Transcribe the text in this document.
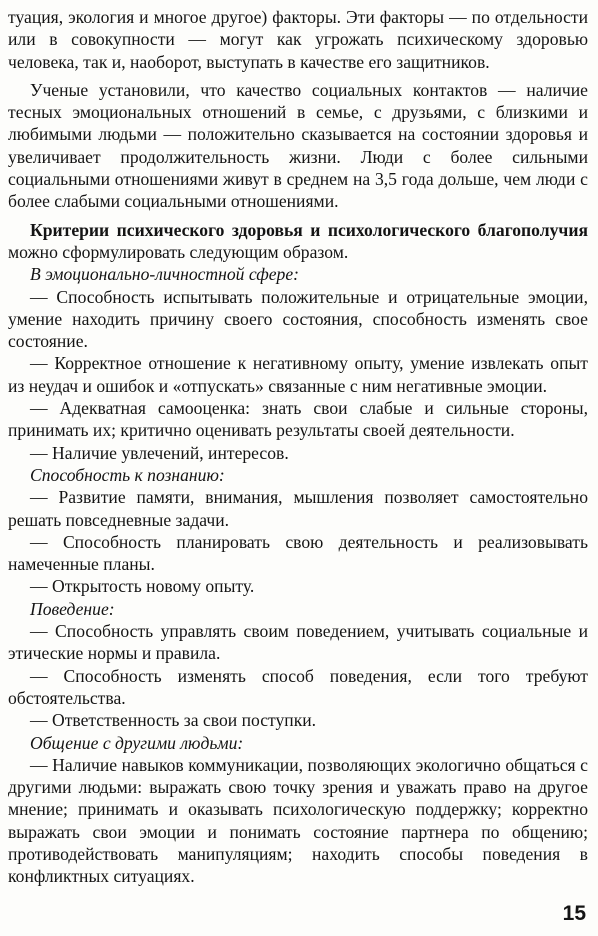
туация, экология и многое другое) факторы. Эти факторы — по отдельности или в совокупности — могут как угрожать психическому здоровью человека, так и, наоборот, выступать в качестве его защитников.

Ученые установили, что качество социальных контактов — наличие тесных эмоциональных отношений в семье, с друзьями, с близкими и любимыми людьми — положительно сказывается на состоянии здоровья и увеличивает продолжительность жизни. Люди с более сильными социальными отношениями живут в среднем на 3,5 года дольше, чем люди с более слабыми социальными отношениями.

Критерии психического здоровья и психологического благополучия можно сформулировать следующим образом.

В эмоционально-личностной сфере:

— Способность испытывать положительные и отрицательные эмоции, умение находить причину своего состояния, способность изменять свое состояние.

— Корректное отношение к негативному опыту, умение извлекать опыт из неудач и ошибок и «отпускать» связанные с ним негативные эмоции.

— Адекватная самооценка: знать свои слабые и сильные стороны, принимать их; критично оценивать результаты своей деятельности.

— Наличие увлечений, интересов.

Способность к познанию:

— Развитие памяти, внимания, мышления позволяет самостоятельно решать повседневные задачи.

— Способность планировать свою деятельность и реализовывать намеченные планы.

— Открытость новому опыту.

Поведение:

— Способность управлять своим поведением, учитывать социальные и этические нормы и правила.

— Способность изменять способ поведения, если того требуют обстоятельства.

— Ответственность за свои поступки.

Общение с другими людьми:

— Наличие навыков коммуникации, позволяющих экологично общаться с другими людьми: выражать свою точку зрения и уважать право на другое мнение; принимать и оказывать психологическую поддержку; корректно выражать свои эмоции и понимать состояние партнера по общению; противодействовать манипуляциям; находить способы поведения в конфликтных ситуациях.

15
